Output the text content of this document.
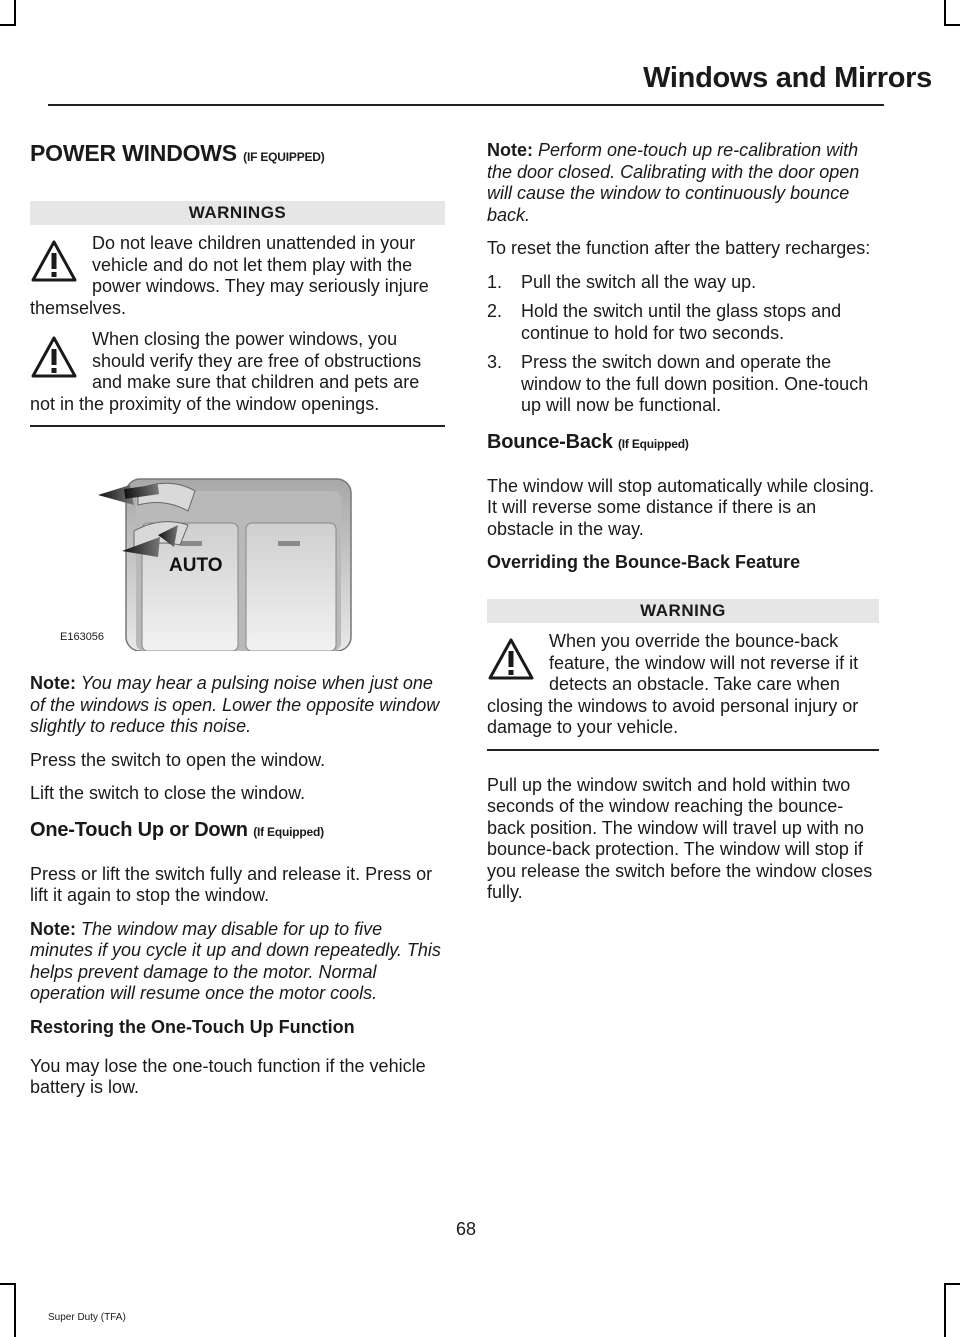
Windows and Mirrors
POWER WINDOWS (IF EQUIPPED)
WARNINGS
Do not leave children unattended in your vehicle and do not let them play with the power windows. They may seriously injure themselves.
When closing the power windows, you should verify they are free of obstructions and make sure that children and pets are not in the proximity of the window openings.
AUTO
E163056

Note: You may hear a pulsing noise when just one of the windows is open. Lower the opposite window slightly to reduce this noise.

Press the switch to open the window.

Lift the switch to close the window.

One-Touch Up or Down (If Equipped)

Press or lift the switch fully and release it. Press or lift it again to stop the window.

Note: The window may disable for up to five minutes if you cycle it up and down repeatedly. This helps prevent damage to the motor. Normal operation will resume once the motor cools.

Restoring the One-Touch Up Function

You may lose the one-touch function if the vehicle battery is low.

Note: Perform one-touch up re-calibration with the door closed. Calibrating with the door open will cause the window to continuously bounce back.

To reset the function after the battery recharges:

1. Pull the switch all the way up.
2. Hold the switch until the glass stops and continue to hold for two seconds.
3. Press the switch down and operate the window to the full down position. One-touch up will now be functional.
Bounce-Back (If Equipped)

The window will stop automatically while closing. It will reverse some distance if there is an obstacle in the way.

Overriding the Bounce-Back Feature
WARNING
When you override the bounce-back feature, the window will not reverse if it detects an obstacle. Take care when closing the windows to avoid personal injury or damage to your vehicle.

Pull up the window switch and hold within two seconds of the window reaching the bounce-back position. The window will travel up with no bounce-back protection. The window will stop if you release the switch before the window closes fully.

68
Super Duty (TFA)
